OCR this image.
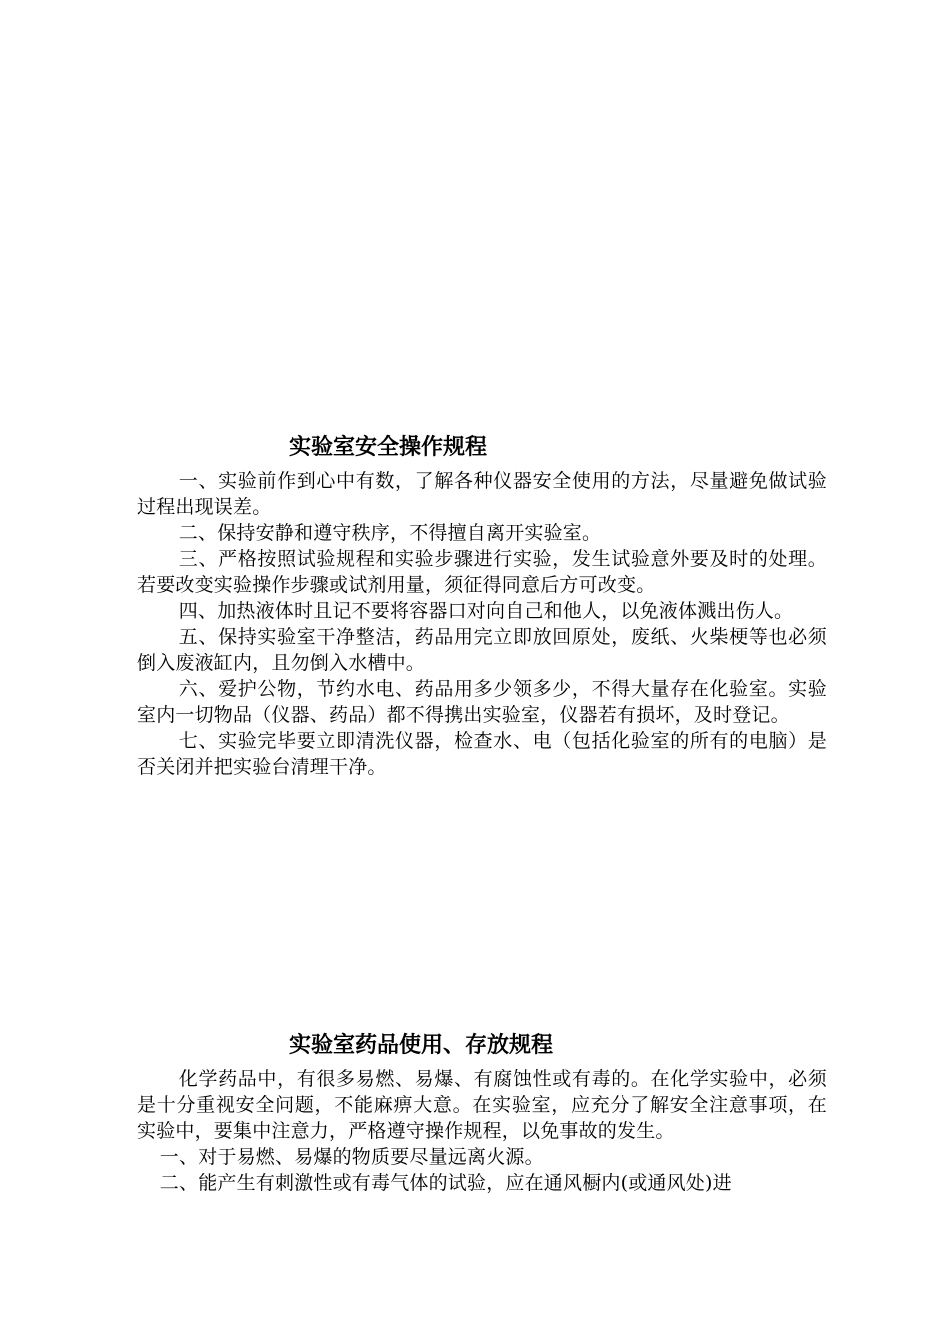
实验室安全操作规程

一、实验前作到心中有数，了解各种仪器安全使用的方法，尽量避免做试验过程出现误差。

二、保持安静和遵守秩序，不得擅自离开实验室。

三、严格按照试验规程和实验步骤进行实验，发生试验意外要及时的处理。若要改变实验操作步骤或试剂用量，须征得同意后方可改变。

四、加热液体时且记不要将容器口对向自己和他人，以免液体溅出伤人。

五、保持实验室干净整洁，药品用完立即放回原处，废纸、火柴梗等也必须倒入废液缸内，且勿倒入水槽中。

六、爱护公物，节约水电、药品用多少领多少，不得大量存在化验室。实验室内一切物品（仪器、药品）都不得携出实验室，仪器若有损坏，及时登记。

七、实验完毕要立即清洗仪器，检查水、电（包括化验室的所有的电脑）是否关闭并把实验台清理干净。

实验室药品使用、存放规程

化学药品中，有很多易燃、易爆、有腐蚀性或有毒的。在化学实验中，必须是十分重视安全问题，不能麻痹大意。在实验室，应充分了解安全注意事项，在实验中，要集中注意力，严格遵守操作规程，以免事故的发生。

一、对于易燃、易爆的物质要尽量远离火源。

二、能产生有刺激性或有毒气体的试验，应在通风橱内(或通风处)进
